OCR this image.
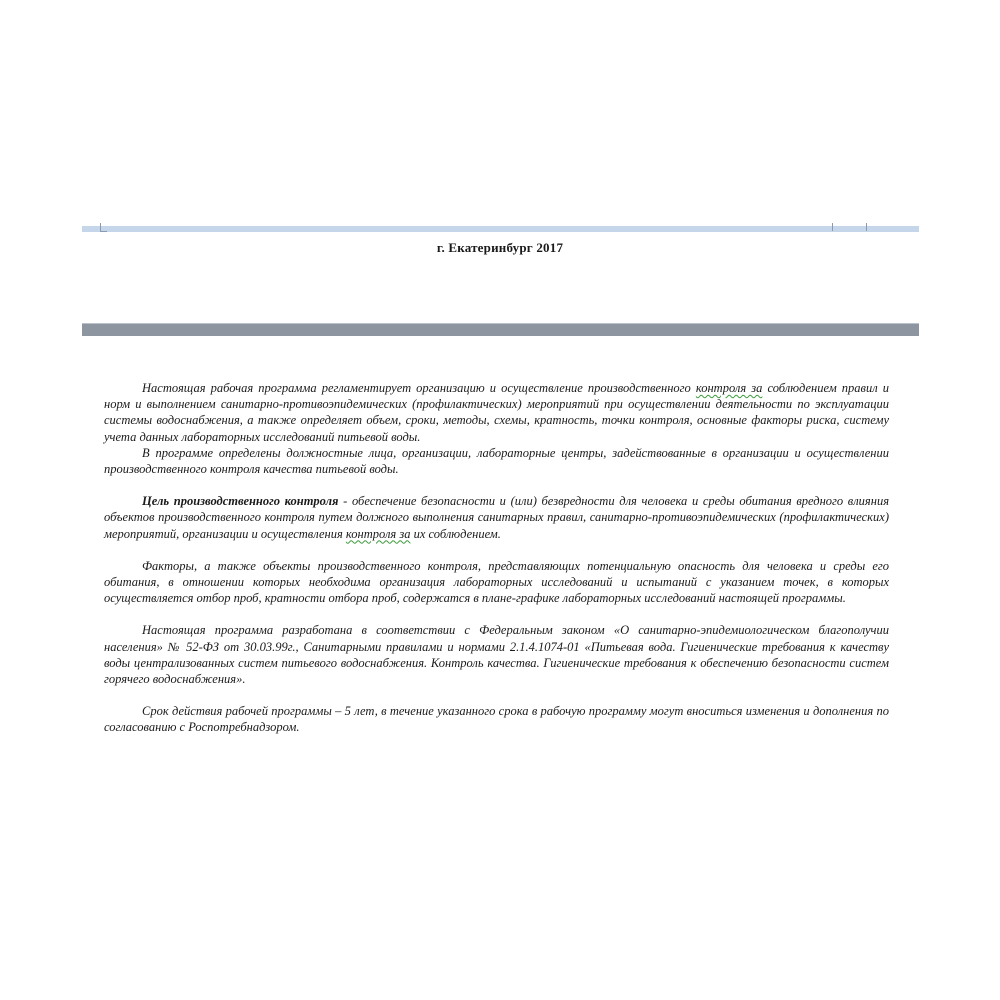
г. Екатеринбург 2017

Настоящая рабочая программа регламентирует организацию и осуществление производственного контроля за соблюдением правил и норм и выполнением санитарно-противоэпидемических (профилактических) мероприятий при осуществлении деятельности по эксплуатации системы водоснабжения, а также определяет объем, сроки, методы, схемы, кратность, точки контроля, основные факторы риска, систему учета данных лабораторных исследований питьевой воды.

В программе определены должностные лица, организации, лабораторные центры, задействованные в организации и осуществлении производственного контроля качества питьевой воды.

Цель производственного контроля - обеспечение безопасности и (или) безвредности для человека и среды обитания вредного влияния объектов производственного контроля путем должного выполнения санитарных правил, санитарно-противоэпидемических (профилактических) мероприятий, организации и осуществления контроля за их соблюдением.

Факторы, а также объекты производственного контроля, представляющих потенциальную опасность для человека и среды его обитания, в отношении которых необходима организация лабораторных исследований и испытаний с указанием точек, в которых осуществляется отбор проб, кратности отбора проб, содержатся в плане-графике лабораторных исследований настоящей программы.

Настоящая программа разработана в соответствии с Федеральным законом «О санитарно-эпидемиологическом благополучии населения» № 52-ФЗ от 30.03.99г., Санитарными правилами и нормами 2.1.4.1074-01 «Питьевая вода. Гигиенические требования к качеству воды централизованных систем питьевого водоснабжения. Контроль качества. Гигиенические требования к обеспечению безопасности систем горячего водоснабжения».

Срок действия рабочей программы – 5 лет, в течение указанного срока в рабочую программу могут вноситься изменения и дополнения по согласованию с Роспотребнадзором.
